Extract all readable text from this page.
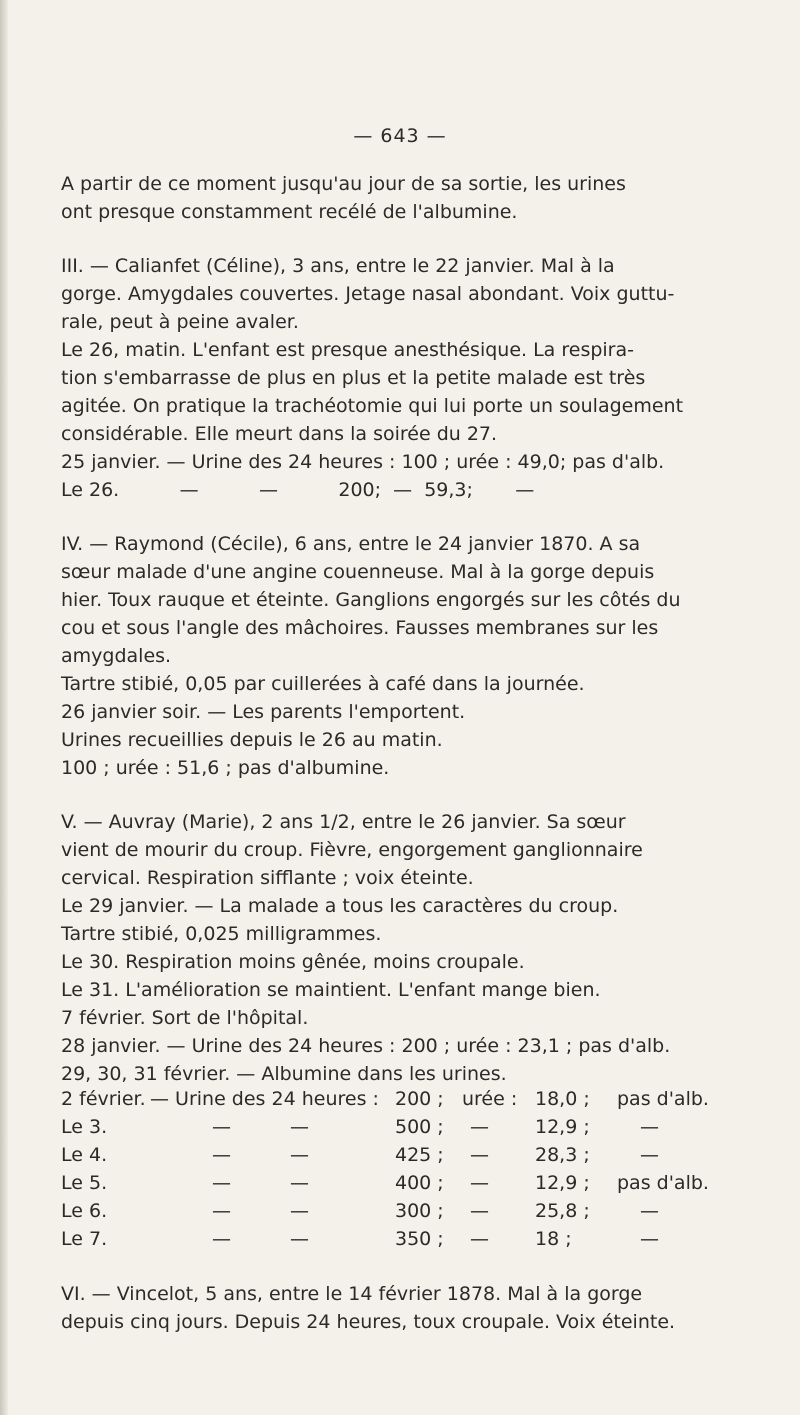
— 643 —
A partir de ce moment jusqu'au jour de sa sortie, les urines
ont presque constamment recélé de l'albumine.
III. — Calianfet (Céline), 3 ans, entre le 22 janvier. Mal à la
gorge. Amygdales couvertes. Jetage nasal abondant. Voix guttu-
rale, peut à peine avaler.
Le 26, matin. L'enfant est presque anesthésique. La respira-
tion s'embarrasse de plus en plus et la petite malade est très
agitée. On pratique la trachéotomie qui lui porte un soulagement
considérable. Elle meurt dans la soirée du 27.
25 janvier. — Urine des 24 heures : 100 ; urée : 49,0; pas d'alb.
Le 26.          —          —          200;  —  59,3;       —
IV. — Raymond (Cécile), 6 ans, entre le 24 janvier 1870. A sa
sœur malade d'une angine couenneuse. Mal à la gorge depuis
hier. Toux rauque et éteinte. Ganglions engorgés sur les côtés du
cou et sous l'angle des mâchoires. Fausses membranes sur les
amygdales.
Tartre stibié, 0,05 par cuillerées à café dans la journée.
26 janvier soir. — Les parents l'emportent.
Urines recueillies depuis le 26 au matin.
100 ; urée : 51,6 ; pas d'albumine.
V. — Auvray (Marie), 2 ans 1/2, entre le 26 janvier. Sa sœur
vient de mourir du croup. Fièvre, engorgement ganglionnaire
cervical. Respiration sifflante ; voix éteinte.
Le 29 janvier. — La malade a tous les caractères du croup.
Tartre stibié, 0,025 milligrammes.
Le 30. Respiration moins gênée, moins croupale.
Le 31. L'amélioration se maintient. L'enfant mange bien.
7 février. Sort de l'hôpital.
28 janvier. — Urine des 24 heures : 200 ; urée : 23,1 ; pas d'alb.
29, 30, 31 février. — Albumine dans les urines.
2 février. — Urine des 24 heures : 200 ; urée : 18,0 ; pas d'alb.
Le 3.	—	—	500 ; — 12,9 ;	—
Le 4.	—	—	425 ; — 28,3 ;	—
Le 5.	—	—	400 ; — 12,9 ; pas d'alb.
Le 6.	—	—	300 ; — 25,8 ;	—
Le 7.	—	—	350 ; — 18 ;	—
VI. — Vincelot, 5 ans, entre le 14 février 1878. Mal à la gorge
depuis cinq jours. Depuis 24 heures, toux croupale. Voix éteinte.
